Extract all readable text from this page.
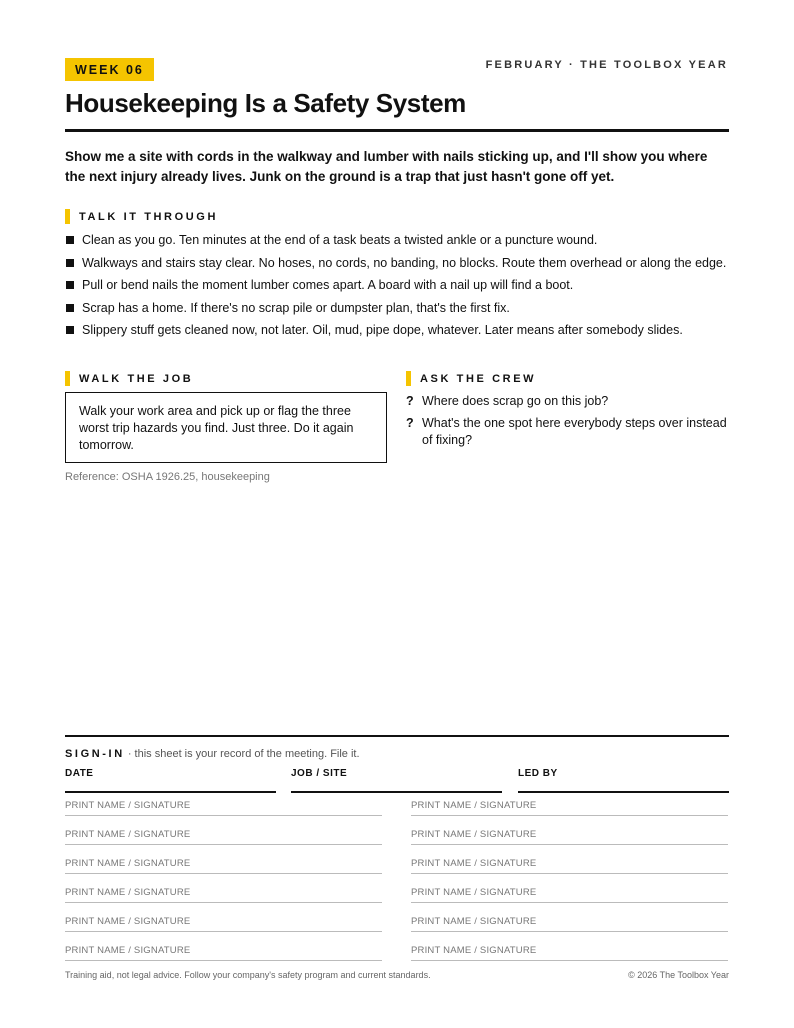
WEEK 06	FEBRUARY · THE TOOLBOX YEAR
Housekeeping Is a Safety System

Show me a site with cords in the walkway and lumber with nails sticking up, and I'll show you where the next injury already lives. Junk on the ground is a trap that just hasn't gone off yet.

TALK IT THROUGH
Clean as you go. Ten minutes at the end of a task beats a twisted ankle or a puncture wound.
Walkways and stairs stay clear. No hoses, no cords, no banding, no blocks. Route them overhead or along the edge.
Pull or bend nails the moment lumber comes apart. A board with a nail up will find a boot.
Scrap has a home. If there's no scrap pile or dumpster plan, that's the first fix.
Slippery stuff gets cleaned now, not later. Oil, mud, pipe dope, whatever. Later means after somebody slides.
WALK THE JOB
Walk your work area and pick up or flag the three worst trip hazards you find. Just three. Do it again tomorrow.
Reference: OSHA 1926.25, housekeeping
ASK THE CREW
? Where does scrap go on this job?
? What's the one spot here everybody steps over instead of fixing?
SIGN-IN · this sheet is your record of the meeting. File it.
DATE	JOB / SITE	LED BY
PRINT NAME / SIGNATURE	PRINT NAME / SIGNATURE
PRINT NAME / SIGNATURE	PRINT NAME / SIGNATURE
PRINT NAME / SIGNATURE	PRINT NAME / SIGNATURE
PRINT NAME / SIGNATURE	PRINT NAME / SIGNATURE
PRINT NAME / SIGNATURE	PRINT NAME / SIGNATURE
PRINT NAME / SIGNATURE	PRINT NAME / SIGNATURE
Training aid, not legal advice. Follow your company's safety program and current standards.	© 2026 The Toolbox Year
